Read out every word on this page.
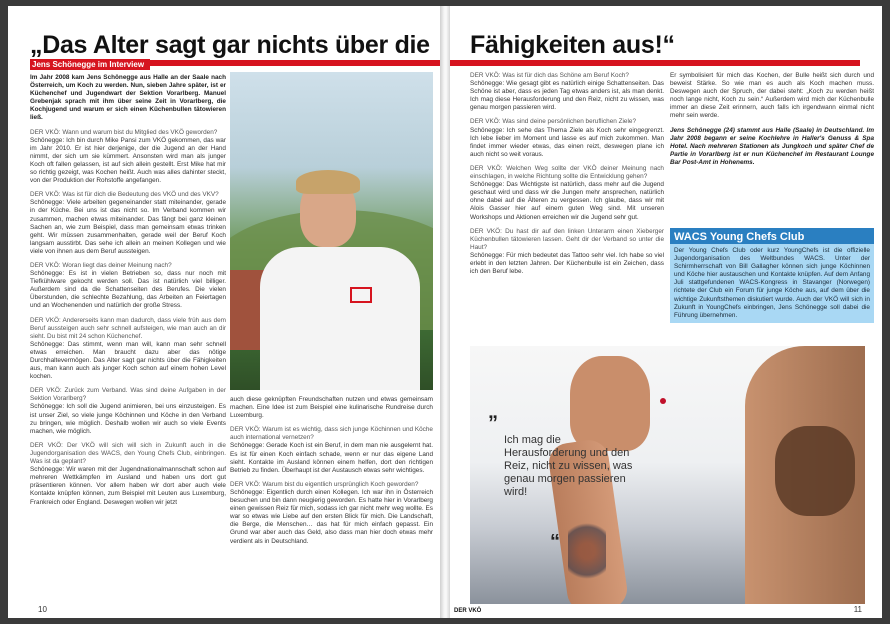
„Das Alter sagt gar nichts über die
Jens Schönegge im Interview

Im Jahr 2008 kam Jens Schönegge aus Halle an der Saale nach Österreich, um Koch zu werden. Nun, sieben Jahre später, ist er Küchenchef und Jugendwart der Sektion Vorarlberg. Manuel Grebenjak sprach mit ihm über seine Zeit in Vorarlberg, die Kochjugend und warum er sich einen Küchenbullen tätowieren ließ.

DER VKÖ: Wann und warum bist du Mitglied des VKÖ geworden?

Schönegge: Ich bin durch Mike Pansi zum VKÖ gekommen, das war im Jahr 2010. Er ist hier derjenige, der die Jugend an der Hand nimmt, der sich um sie kümmert. Ansonsten wird man als junger Koch oft fallen gelassen, ist auf sich allein gestellt. Erst Mike hat mir so richtig gezeigt, was Kochen heißt. Auch was alles dahinter steckt, von der Produktion der Rohstoffe angefangen.

DER VKÖ: Was ist für dich die Bedeutung des VKÖ und des VKV?

Schönegge: Viele arbeiten gegeneinander statt miteinander, gerade in der Küche. Bei uns ist das nicht so. Im Verband kommen wir zusammen, machen etwas miteinander. Das fängt bei ganz kleinen Sachen an, wie zum Beispiel, dass man gemeinsam etwas trinken geht. Wir müssen zusammenhalten, gerade weil der Beruf Koch langsam ausstirbt. Das sehe ich allein an meinen Kollegen und wie viele von ihnen aus dem Beruf aussteigen.

DER VKÖ: Woran liegt das deiner Meinung nach?

Schönegge: Es ist in vielen Betrieben so, dass nur noch mit Tiefkühlware gekocht werden soll. Das ist natürlich viel billiger. Außerdem sind da die Schattenseiten des Berufes. Die vielen Überstunden, die schlechte Bezahlung, das Arbeiten an Feiertagen und an Wochenenden und natürlich der große Stress.

DER VKÖ: Andererseits kann man dadurch, dass viele früh aus dem Beruf aussteigen auch sehr schnell aufsteigen, wie man auch an dir sieht. Du bist mit 24 schon Küchenchef.

Schönegge: Das stimmt, wenn man will, kann man sehr schnell etwas erreichen. Man braucht dazu aber das nötige Durchhaltevermögen. Das Alter sagt gar nichts über die Fähigkeiten aus, man kann auch als junger Koch schon auf einem hohen Level kochen.

DER VKÖ: Zurück zum Verband. Was sind deine Aufgaben in der Sektion Vorarlberg?

Schönegge: Ich soll die Jugend animieren, bei uns einzusteigen. Es ist unser Ziel, so viele junge Köchinnen und Köche in den Verband zu bringen, wie möglich. Deshalb wollen wir auch so viele Events machen, wie möglich.

DER VKÖ: Der VKÖ will sich will sich in Zukunft auch in die Jugendorganisation des WACS, den Young Chefs Club, einbringen. Was ist da geplant?

Schönegge: Wir waren mit der Jugendnationalmannschaft schon auf mehreren Wettkämpfen im Ausland und haben uns dort gut präsentieren können. Vor allem haben wir dort aber auch viele Kontakte knüpfen können, zum Beispiel mit Leuten aus Luxemburg, Frankreich oder England. Deswegen wollen wir jetzt

auch diese geknüpften Freundschaften nutzen und etwas gemeinsam machen. Eine Idee ist zum Beispiel eine kulinarische Rundreise durch Luxemburg.

DER VKÖ: Warum ist es wichtig, dass sich junge Köchinnen und Köche auch international vernetzen?

Schönegge: Gerade Koch ist ein Beruf, in dem man nie ausgelernt hat. Es ist für einen Koch einfach schade, wenn er nur das eigene Land sieht. Kontakte im Ausland können einem helfen, dort den richtigen Betrieb zu finden. Überhaupt ist der Austausch etwas sehr wichtiges.

DER VKÖ: Warum bist du eigentlich ursprünglich Koch geworden?

Schönegge: Eigentlich durch einen Kollegen. Ich war ihn in Österreich besuchen und bin dann neugierig geworden. Es hatte hier in Vorarlberg einen gewissen Reiz für mich, sodass ich gar nicht mehr weg wollte. Es war so etwas wie Liebe auf den ersten Blick für mich. Die Landschaft, die Berge, die Menschen… das hat für mich einfach gepasst. Ein Grund war aber auch das Geld, also dass man hier doch etwas mehr verdient als in Deutschland.

10
Fähigkeiten aus!“

DER VKÖ: Was ist für dich das Schöne am Beruf Koch?

Schönegge: Wie gesagt gibt es natürlich einige Schattenseiten. Das Schöne ist aber, dass es jeden Tag etwas anders ist, als man denkt. Ich mag diese Herausforderung und den Reiz, nicht zu wissen, was genau morgen passieren wird.

DER VKÖ: Was sind deine persönlichen beruflichen Ziele?

Schönegge: Ich sehe das Thema Ziele als Koch sehr eingegrenzt. Ich lebe lieber im Moment und lasse es auf mich zukommen. Man findet immer wieder etwas, das einen reizt, deswegen plane ich auch nicht so weit voraus.

DER VKÖ: Welchen Weg sollte der VKÖ deiner Meinung nach einschlagen, in welche Richtung sollte die Entwicklung gehen?

Schönegge: Das Wichtigste ist natürlich, dass mehr auf die Jugend geschaut wird und dass wir die Jungen mehr ansprechen, natürlich ohne dabei auf die Älteren zu vergessen. Ich glaube, dass wir mit Alois Gasser hier auf einem guten Weg sind. Mit unseren Workshops und Aktionen erreichen wir die Jugend sehr gut.

DER VKÖ: Du hast dir auf den linken Unterarm einen Xieberger Küchenbullen tätowieren lassen. Geht dir der Verband so unter die Haut?

Schönegge: Für mich bedeutet das Tattoo sehr viel. Ich habe so viel erlebt in den letzten Jahren. Der Küchenbulle ist ein Zeichen, dass ich den Beruf lebe.

Er symbolisiert für mich das Kochen, der Bulle heißt sich durch und beweist Stärke. So wie man es auch als Koch machen muss. Deswegen auch der Spruch, der dabei steht: „Koch zu werden heißt noch lange nicht, Koch zu sein.“ Außerdem wird mich der Küchenbulle immer an diese Zeit erinnern, auch falls ich irgendwann einmal nicht mehr sein werde.

Jens Schönegge (24) stammt aus Halle (Saale) in Deutschland. Im Jahr 2008 begann er seine Kochlehre in Haller's Genuss & Spa Hotel. Nach mehreren Stationen als Jungkoch und später Chef de Partie in Vorarlberg ist er nun Küchenchef im Restaurant Lounge Bar Post-Amt in Hohenems.

WACS Young Chefs Club
Der Young Chefs Club oder kurz YoungChefs ist die offizielle Jugendorganisation des Weltbundes WACS. Unter der Schirmherrschaft von Bill Gallagher können sich junge Köchinnen und Köche hier austauschen und Kontakte knüpfen. Auf dem Anfang Juli stattgefundenen WACS-Kongress in Stavanger (Norwegen) richtete der Club ein Forum für junge Köche aus, auf dem über die wichtige Zukunftsthemen diskutiert wurde. Auch der VKÖ will sich in Zukunft in YoungChefs einbringen, Jens Schönegge soll dabei die Führung übernehmen.
„
Ich mag die Herausforderung und den Reiz, nicht zu wissen, was genau morgen passieren wird!
“
DER VKÖ	11
